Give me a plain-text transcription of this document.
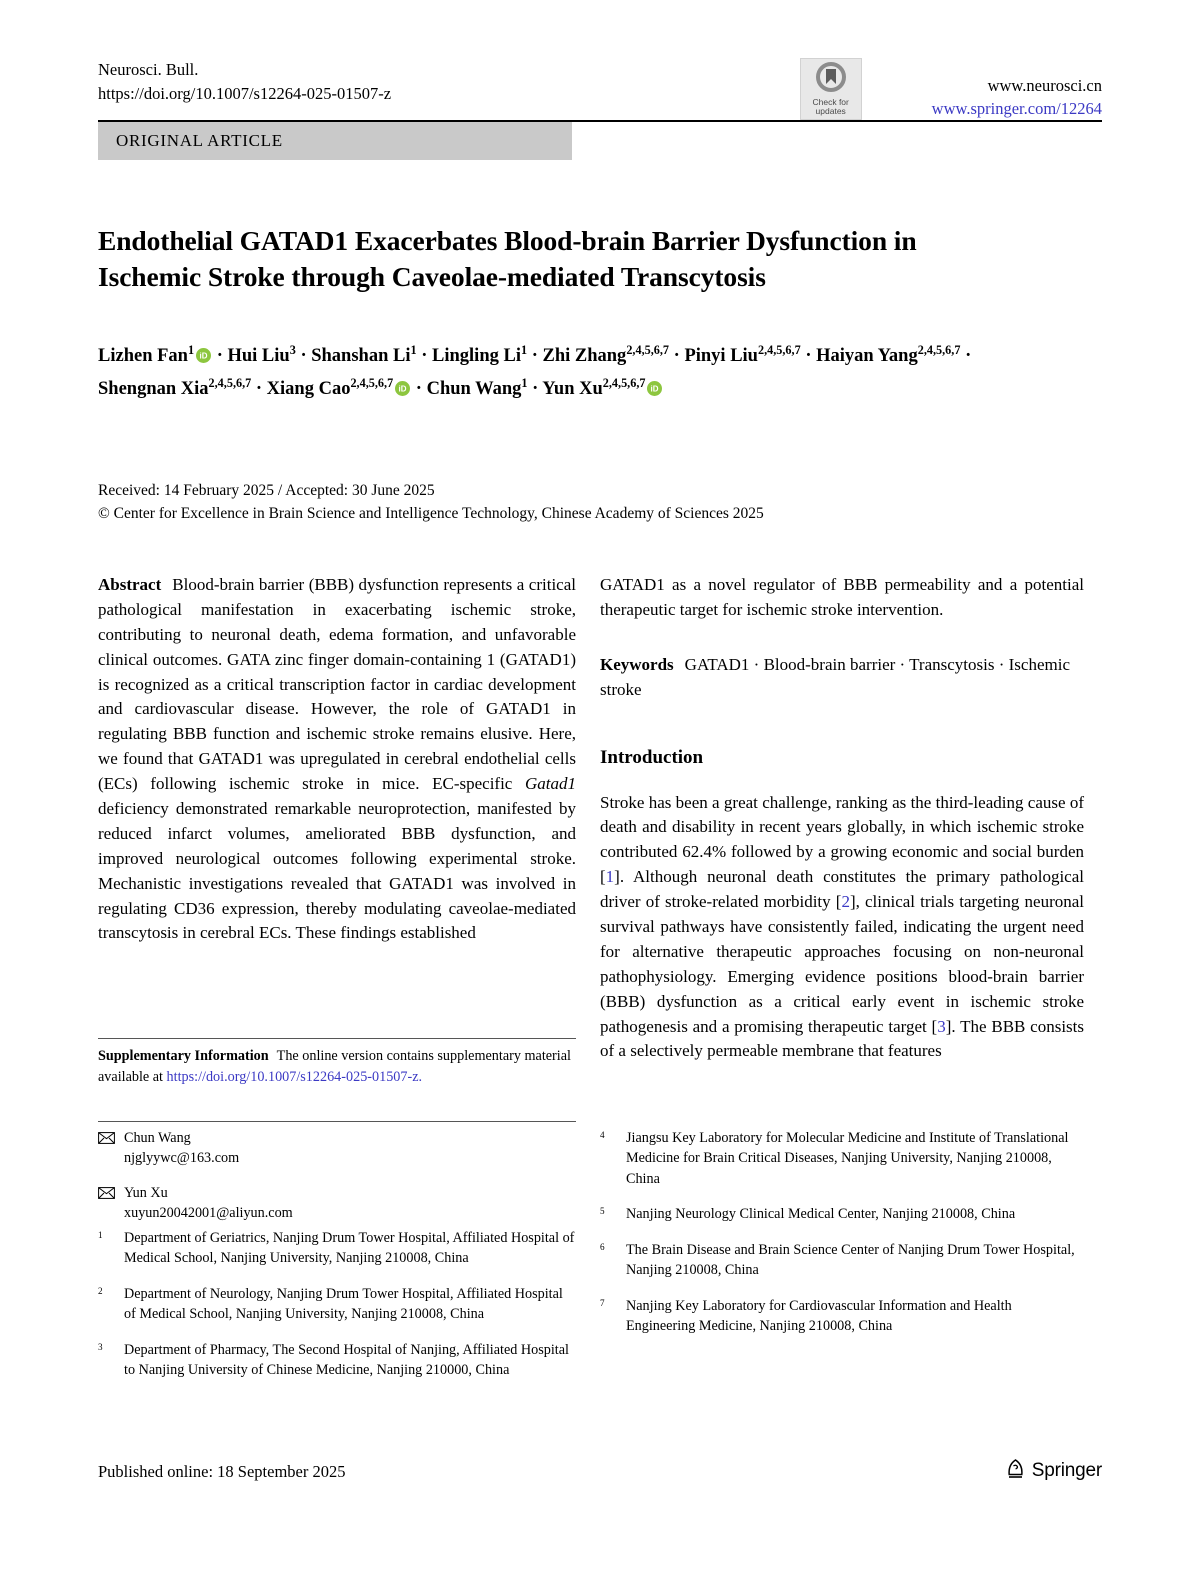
Neurosci. Bull.
https://doi.org/10.1007/s12264-025-01507-z	Check for
updates
www.neurosci.cn
www.springer.com/12264
ORIGINAL ARTICLE
Endothelial GATAD1 Exacerbates Blood-brain Barrier Dysfunction in Ischemic Stroke through Caveolae-mediated Transcytosis
Lizhen Fan$^1$ iD · Hui Liu$^3$ · Shanshan $Li^1$ · Lingling $Li^1$ · Zhi Zhang$^{2,4,5,6,7}$ · Pinyi Liu$^{2,4,5,6,7}$ · Haiyan Yang$^{2,4,5,6,7}$ ·
Shengnan Xia$^{2,4,5,6,7}$ · Xiang Cao$^{2,4,5,6,7}$ iD · Chun Wang$^1$ · Yun Xu$^{2,4,5,6,7}$ iD
Received: 14 February 2025 / Accepted: 30 June 2025
© Center for Excellence in Brain Science and Intelligence Technology, Chinese Academy of Sciences 2025

Abstract Blood-brain barrier (BBB) dysfunction represents a critical pathological manifestation in exacerbating ischemic stroke, contributing to neuronal death, edema formation, and unfavorable clinical outcomes. GATA zinc finger domain-containing 1 (GATAD1) is recognized as a critical transcription factor in cardiac development and cardiovascular disease. However, the role of GATAD1 in regulating BBB function and ischemic stroke remains elusive. Here, we found that GATAD1 was upregulated in cerebral endothelial cells (ECs) following ischemic stroke in mice. EC-specific Gatad1 deficiency demonstrated remarkable neuroprotection, manifested by reduced infarct volumes, ameliorated BBB dysfunction, and improved neurological outcomes following experimental stroke. Mechanistic investigations revealed that GATAD1 was involved in regulating CD36 expression, thereby modulating caveolae-mediated transcytosis in cerebral ECs. These findings established

GATAD1 as a novel regulator of BBB permeability and a potential therapeutic target for ischemic stroke intervention.

Keywords GATAD1 · Blood-brain barrier · Transcytosis · Ischemic stroke

Introduction

Stroke has been a great challenge, ranking as the third-leading cause of death and disability in recent years globally, in which ischemic stroke contributed 62.4% followed by a growing economic and social burden [1]. Although neuronal death constitutes the primary pathological driver of stroke-related morbidity [2], clinical trials targeting neuronal survival pathways have consistently failed, indicating the urgent need for alternative therapeutic approaches focusing on non-neuronal pathophysiology. Emerging evidence positions blood-brain barrier (BBB) dysfunction as a critical early event in ischemic stroke pathogenesis and a promising therapeutic target [3]. The BBB consists of a selectively permeable membrane that features

Supplementary Information The online version contains supplementary material available at https://doi.org/10.1007/s12264-025-01507-z.
Chun Wang
njglyywc@163.com
Yun Xu
xuyun20042001@aliyun.com
$^1$	Department of Geriatrics, Nanjing Drum Tower Hospital, Affiliated Hospital of Medical School, Nanjing University, Nanjing 210008, China
$^2$	Department of Neurology, Nanjing Drum Tower Hospital, Affiliated Hospital of Medical School, Nanjing University, Nanjing 210008, China
$^3$	Department of Pharmacy, The Second Hospital of Nanjing, Affiliated Hospital to Nanjing University of Chinese Medicine, Nanjing 210000, China
$^4$	Jiangsu Key Laboratory for Molecular Medicine and Institute of Translational Medicine for Brain Critical Diseases, Nanjing University, Nanjing 210008, China
$^5$	Nanjing Neurology Clinical Medical Center, Nanjing 210008, China
$^6$	The Brain Disease and Brain Science Center of Nanjing Drum Tower Hospital, Nanjing 210008, China
$^7$	Nanjing Key Laboratory for Cardiovascular Information and Health Engineering Medicine, Nanjing 210008, China
Published online: 18 September 2025	Springer
